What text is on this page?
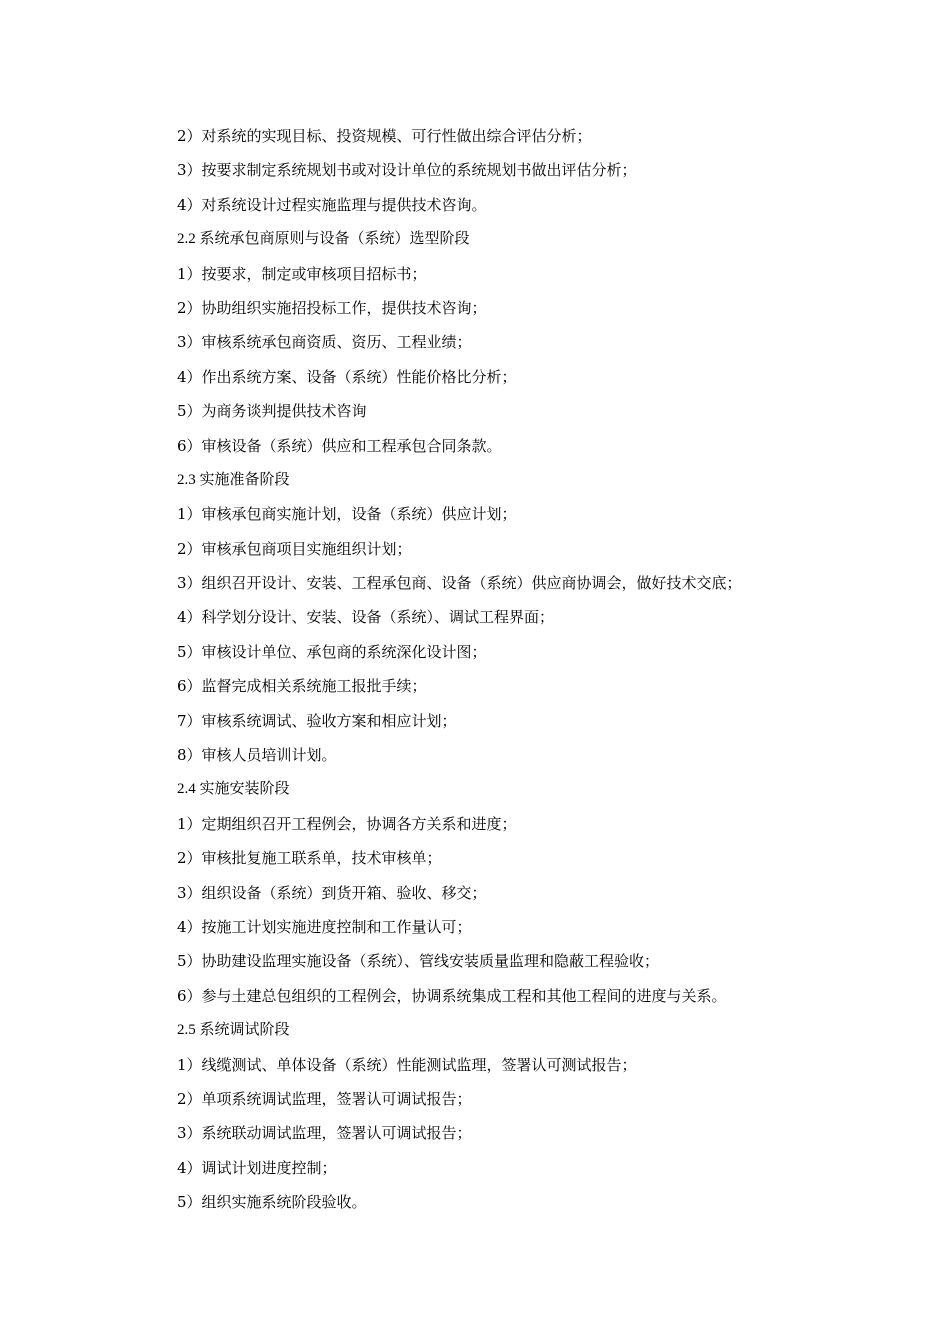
2）对系统的实现目标、投资规模、可行性做出综合评估分析；
3）按要求制定系统规划书或对设计单位的系统规划书做出评估分析；
4）对系统设计过程实施监理与提供技术咨询。
2.2 系统承包商原则与设备（系统）选型阶段
1）按要求，制定或审核项目招标书；
2）协助组织实施招投标工作，提供技术咨询；
3）审核系统承包商资质、资历、工程业绩；
4）作出系统方案、设备（系统）性能价格比分析；
5）为商务谈判提供技术咨询
6）审核设备（系统）供应和工程承包合同条款。
2.3 实施准备阶段
1）审核承包商实施计划，设备（系统）供应计划；
2）审核承包商项目实施组织计划；
3）组织召开设计、安装、工程承包商、设备（系统）供应商协调会，做好技术交底；
4）科学划分设计、安装、设备（系统）、调试工程界面；
5）审核设计单位、承包商的系统深化设计图；
6）监督完成相关系统施工报批手续；
7）审核系统调试、验收方案和相应计划；
8）审核人员培训计划。
2.4 实施安装阶段
1）定期组织召开工程例会，协调各方关系和进度；
2）审核批复施工联系单，技术审核单；
3）组织设备（系统）到货开箱、验收、移交；
4）按施工计划实施进度控制和工作量认可；
5）协助建设监理实施设备（系统）、管线安装质量监理和隐蔽工程验收；
6）参与土建总包组织的工程例会，协调系统集成工程和其他工程间的进度与关系。
2.5 系统调试阶段
1）线缆测试、单体设备（系统）性能测试监理，签署认可测试报告；
2）单项系统调试监理，签署认可调试报告；
3）系统联动调试监理，签署认可调试报告；
4）调试计划进度控制；
5）组织实施系统阶段验收。
